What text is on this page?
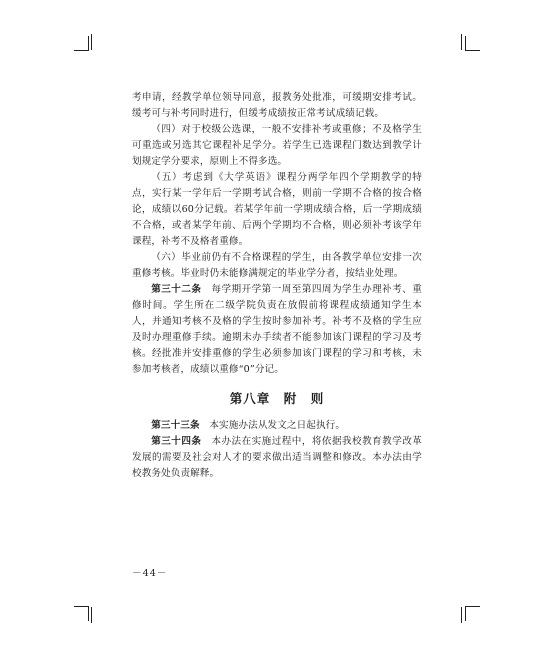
考申请，经教学单位领导同意，报教务处批准，可缓期安排考试。缓考可与补考同时进行，但缓考成绩按正常考试成绩记载。

（四）对于校级公选课，一般不安排补考或重修；不及格学生可重选或另选其它课程补足学分。若学生已选课程门数达到教学计划规定学分要求，原则上不得多选。

（五）考虑到《大学英语》课程分两学年四个学期教学的特点，实行某一学年后一学期考试合格，则前一学期不合格的按合格论，成绩以60分记载。若某学年前一学期成绩合格，后一学期成绩不合格，或者某学年前、后两个学期均不合格，则必须补考该学年课程，补考不及格者重修。

（六）毕业前仍有不合格课程的学生，由各教学单位安排一次重修考核。毕业时仍未能修满规定的毕业学分者，按结业处理。

第三十二条　每学期开学第一周至第四周为学生办理补考、重修时间。学生所在二级学院负责在放假前将课程成绩通知学生本人，并通知考核不及格的学生按时参加补考。补考不及格的学生应及时办理重修手续。逾期未办手续者不能参加该门课程的学习及考核。经批准并安排重修的学生必须参加该门课程的学习和考核，未参加考核者，成绩以重修“0”分记。

第八章　附　则

第三十三条　本实施办法从发文之日起执行。

第三十四条　本办法在实施过程中，将依据我校教育教学改革发展的需要及社会对人才的要求做出适当调整和修改。本办法由学校教务处负责解释。

－44－
